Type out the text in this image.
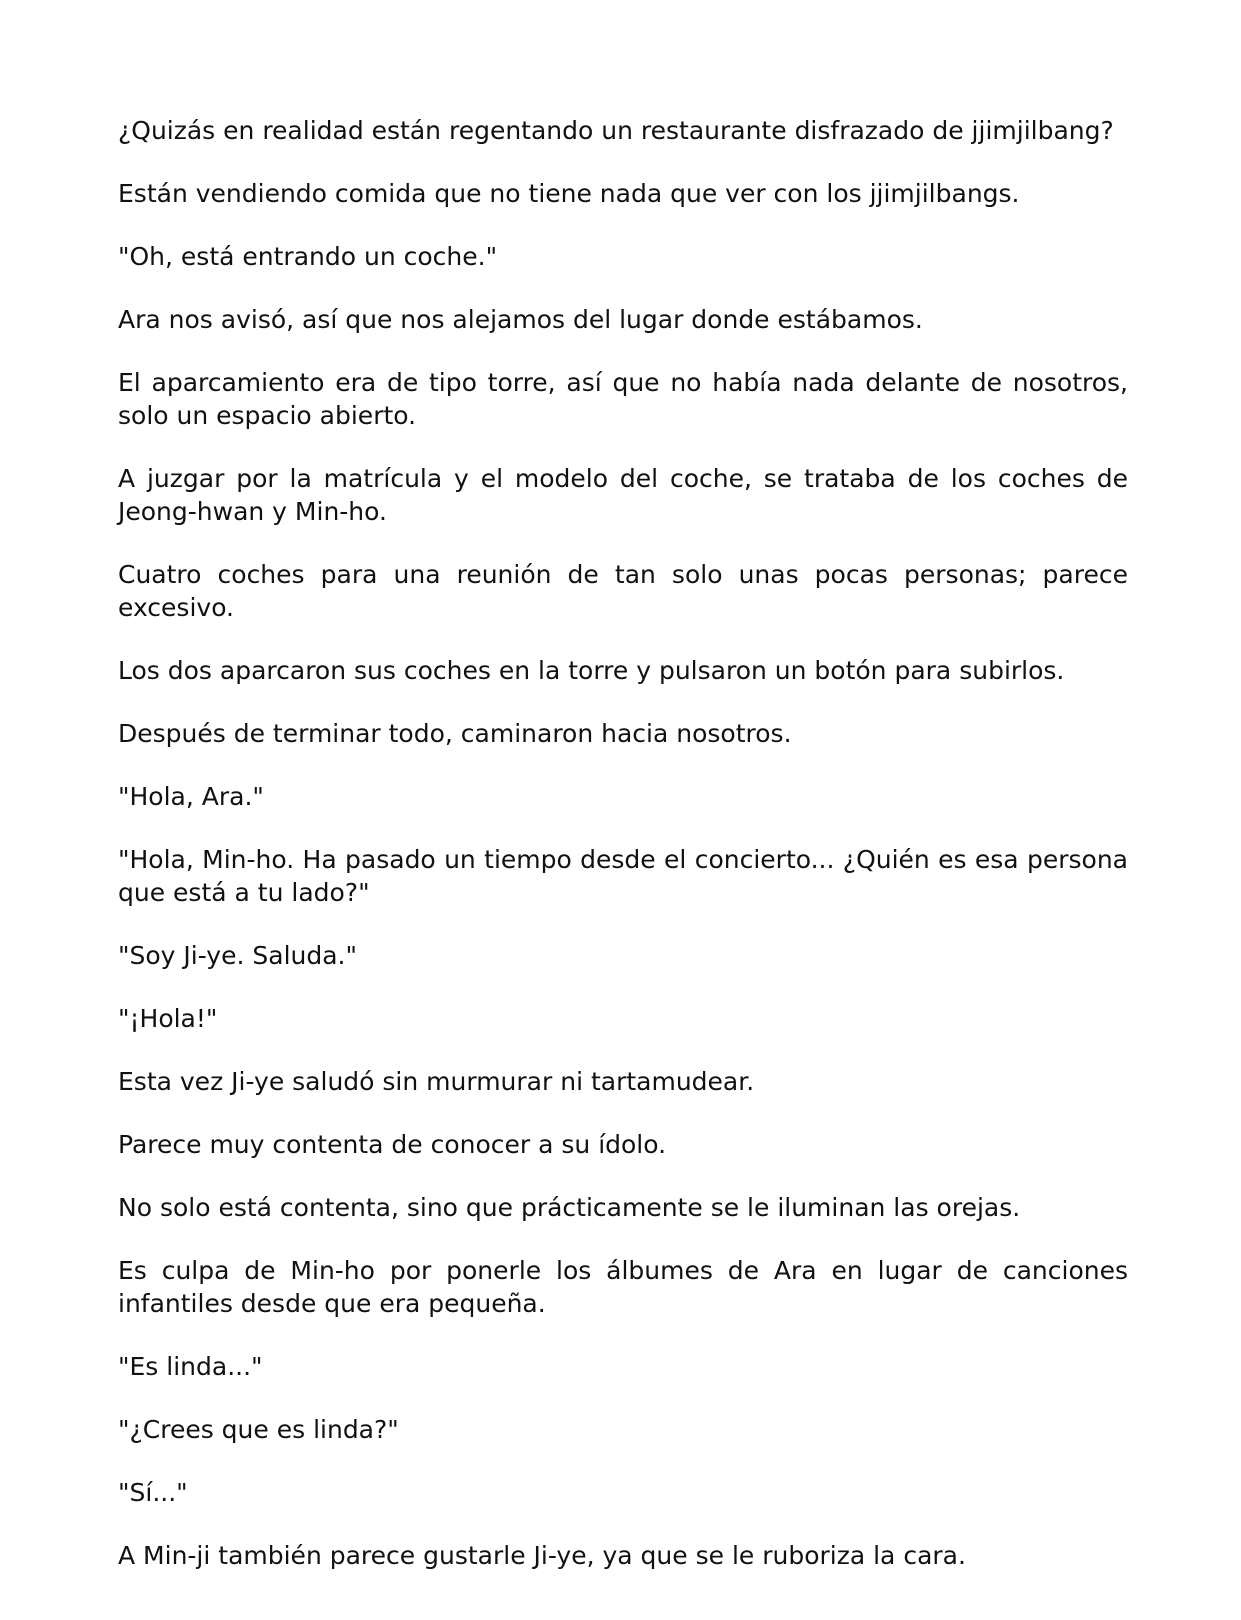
¿Quizás en realidad están regentando un restaurante disfrazado de jjimjilbang?

Están vendiendo comida que no tiene nada que ver con los jjimjilbangs.

"Oh, está entrando un coche."

Ara nos avisó, así que nos alejamos del lugar donde estábamos.

El aparcamiento era de tipo torre, así que no había nada delante de nosotros, solo un espacio abierto.

A juzgar por la matrícula y el modelo del coche, se trataba de los coches de Jeong-hwan y Min-ho.

Cuatro coches para una reunión de tan solo unas pocas personas; parece excesivo.

Los dos aparcaron sus coches en la torre y pulsaron un botón para subirlos.

Después de terminar todo, caminaron hacia nosotros.

"Hola, Ara."

"Hola, Min-ho. Ha pasado un tiempo desde el concierto... ¿Quién es esa persona que está a tu lado?"

"Soy Ji-ye. Saluda."

"¡Hola!"

Esta vez Ji-ye saludó sin murmurar ni tartamudear.

Parece muy contenta de conocer a su ídolo.

No solo está contenta, sino que prácticamente se le iluminan las orejas.

Es culpa de Min-ho por ponerle los álbumes de Ara en lugar de canciones infantiles desde que era pequeña.

"Es linda..."

"¿Crees que es linda?"

"Sí..."

A Min-ji también parece gustarle Ji-ye, ya que se le ruboriza la cara.
